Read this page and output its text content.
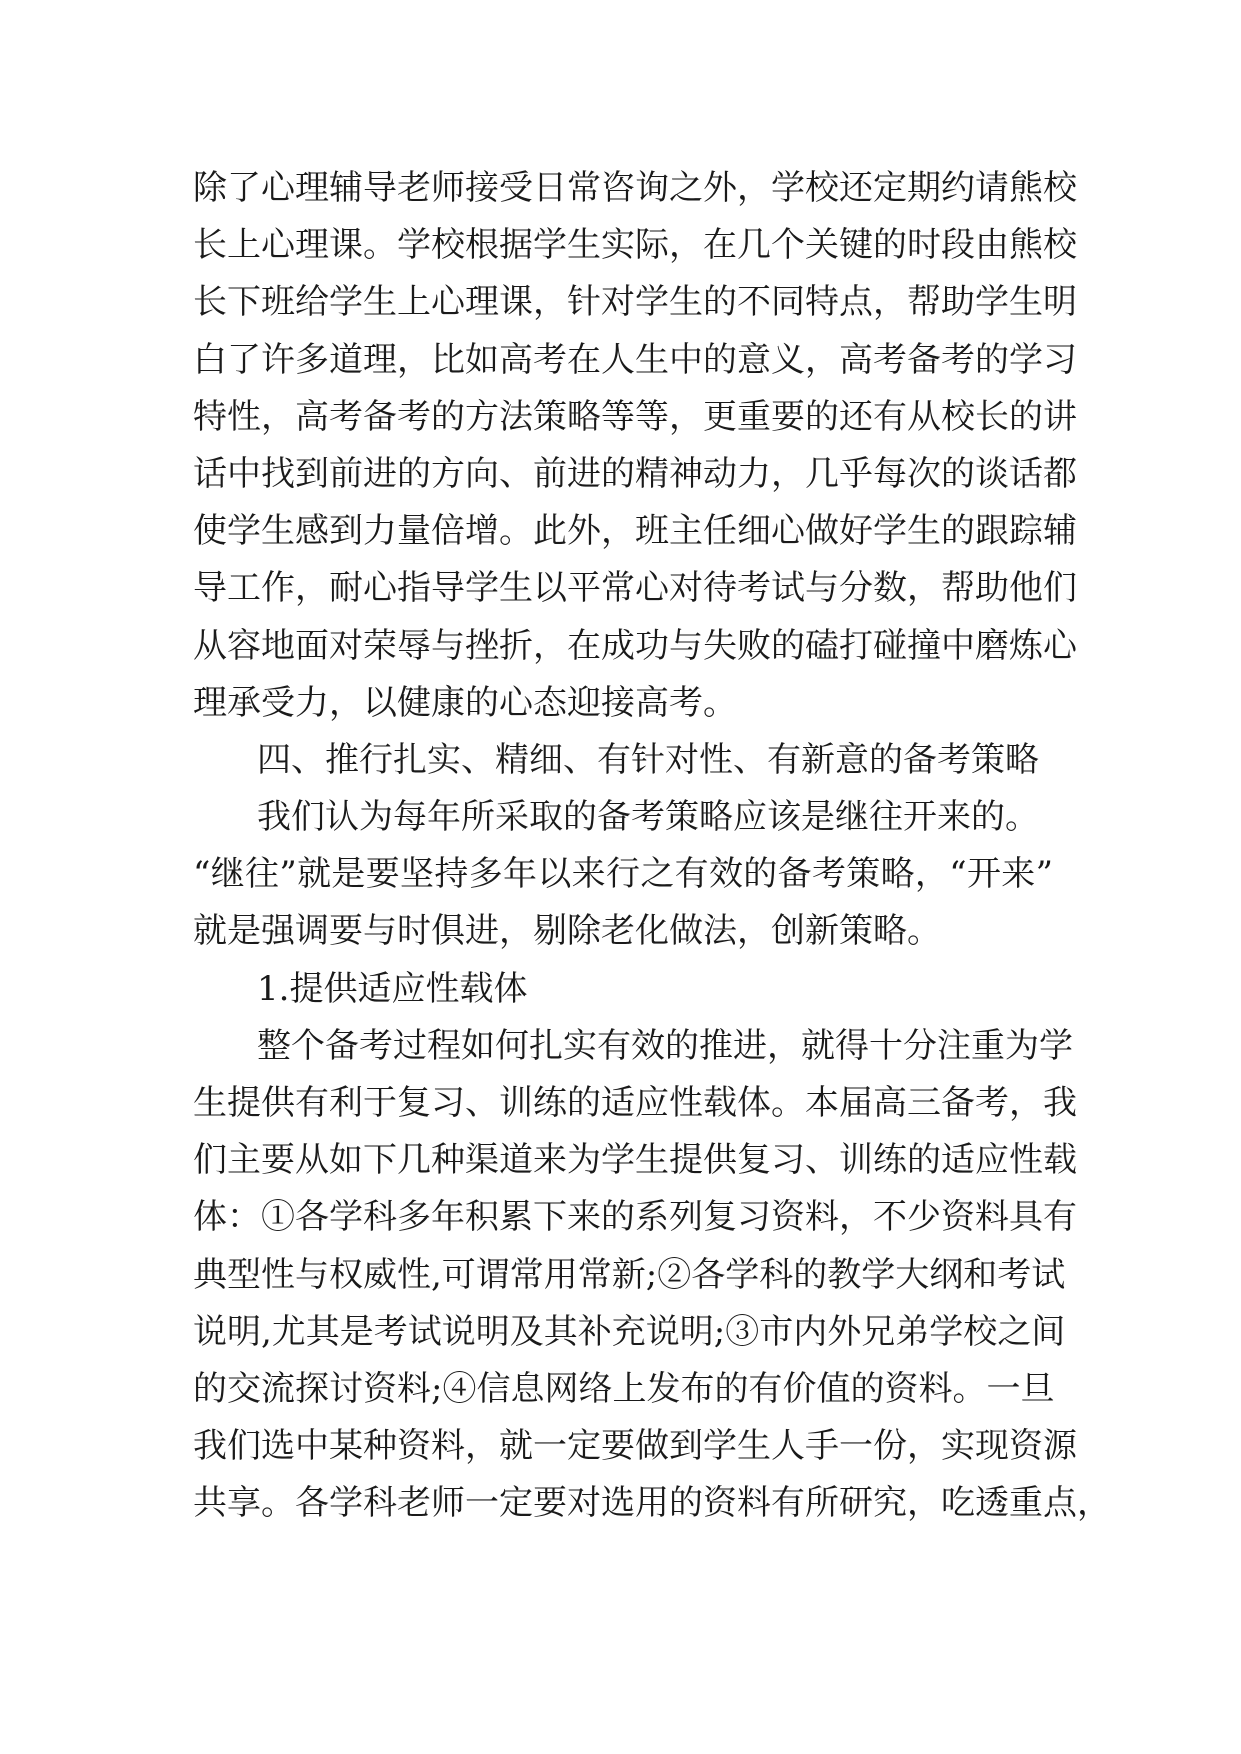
除了心理辅导老师接受日常咨询之外，学校还定期约请熊校
长上心理课。学校根据学生实际，在几个关键的时段由熊校
长下班给学生上心理课，针对学生的不同特点，帮助学生明
白了许多道理，比如高考在人生中的意义，高考备考的学习
特性，高考备考的方法策略等等，更重要的还有从校长的讲
话中找到前进的方向、前进的精神动力，几乎每次的谈话都
使学生感到力量倍增。此外，班主任细心做好学生的跟踪辅
导工作，耐心指导学生以平常心对待考试与分数，帮助他们
从容地面对荣辱与挫折，在成功与失败的磕打碰撞中磨炼心
理承受力，以健康的心态迎接高考。
四、推行扎实、精细、有针对性、有新意的备考策略
我们认为每年所采取的备考策略应该是继往开来的。
“继往”就是要坚持多年以来行之有效的备考策略，“开来”
就是强调要与时俱进，剔除老化做法，创新策略。
1.提供适应性载体
整个备考过程如何扎实有效的推进，就得十分注重为学
生提供有利于复习、训练的适应性载体。本届高三备考，我
们主要从如下几种渠道来为学生提供复习、训练的适应性载
体：①各学科多年积累下来的系列复习资料，不少资料具有
典型性与权威性,可谓常用常新;②各学科的教学大纲和考试
说明,尤其是考试说明及其补充说明;③市内外兄弟学校之间
的交流探讨资料;④信息网络上发布的有价值的资料。一旦
我们选中某种资料，就一定要做到学生人手一份，实现资源
共享。各学科老师一定要对选用的资料有所研究，吃透重点，
